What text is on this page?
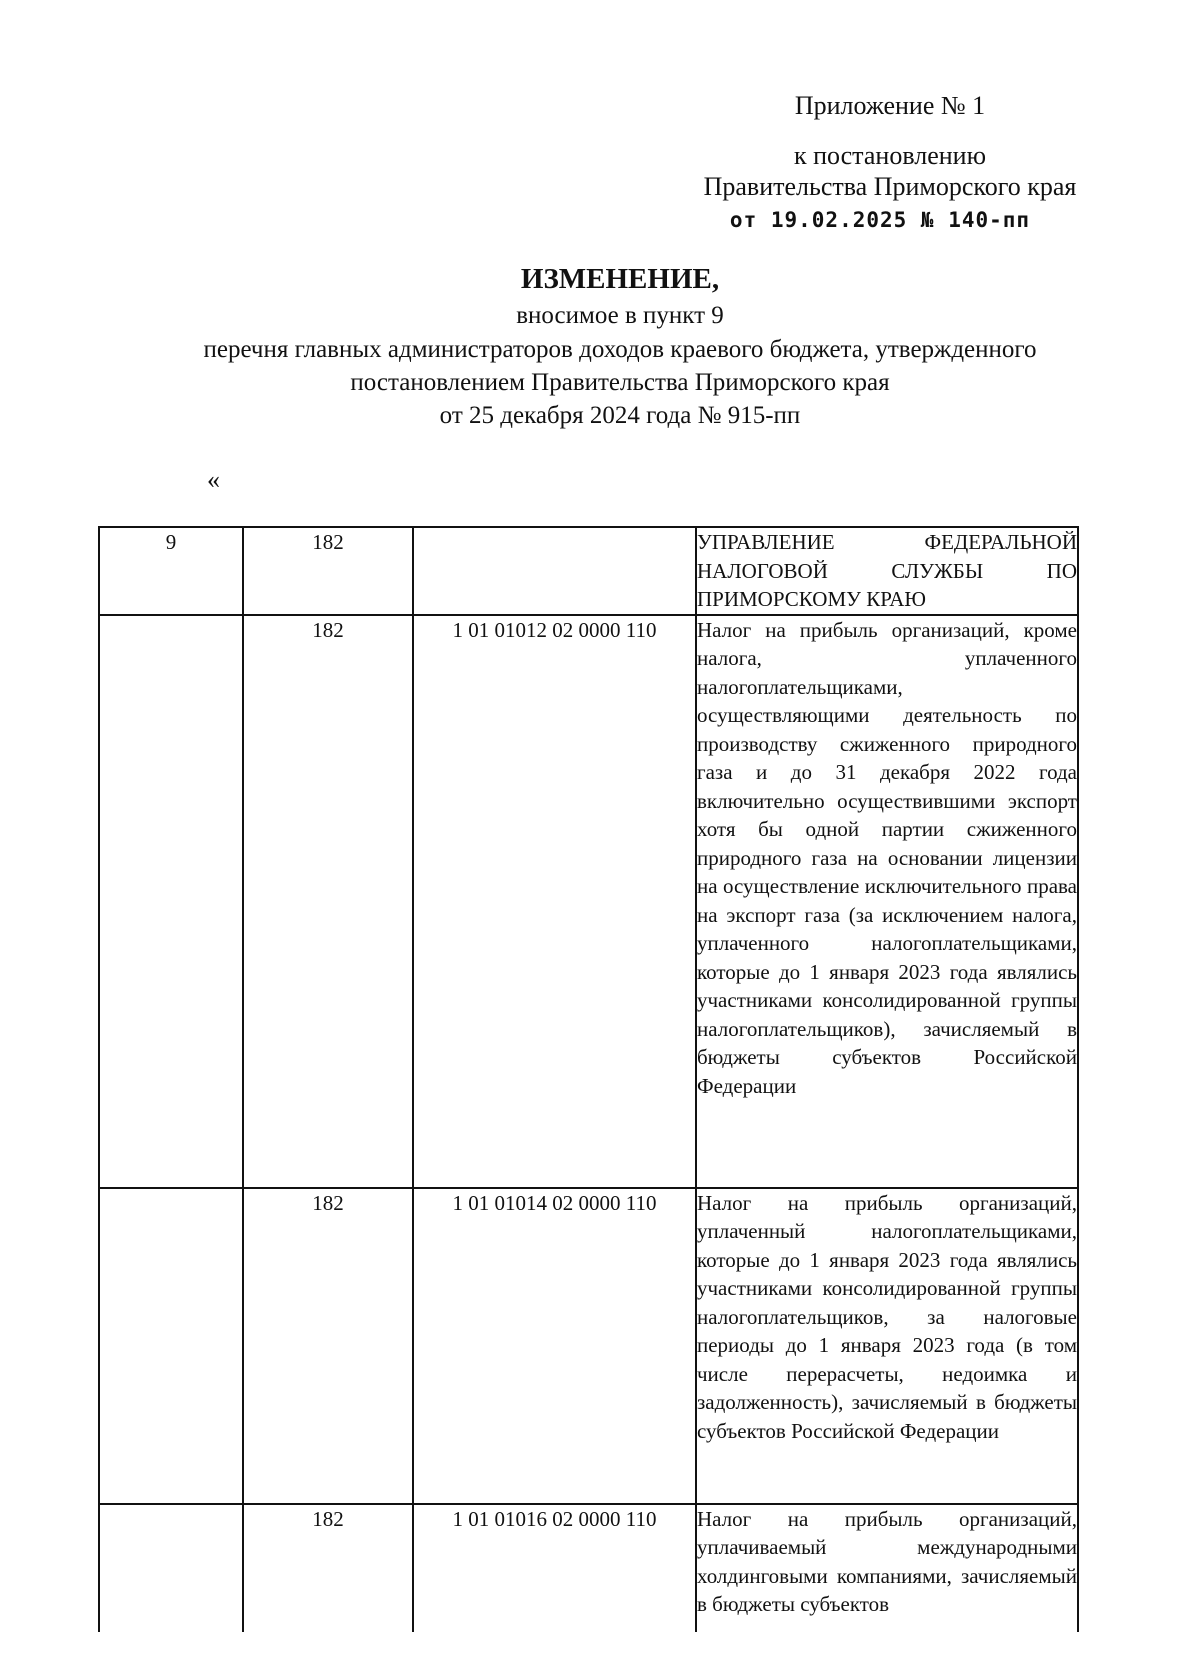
Приложение № 1
к постановлению
Правительства Приморского края
от 19.02.2025 № 140-пп
ИЗМЕНЕНИЕ,
вносимое в пункт 9
перечня главных администраторов доходов краевого бюджета, утвержденного
постановлением Правительства Приморского края
от 25 декабря 2024 года № 915-пп
«
9	182		УПРАВЛЕНИЕ ФЕДЕРАЛЬНОЙ НАЛОГОВОЙ СЛУЖБЫ ПО ПРИМОРСКОМУ КРАЮ
	182	1 01 01012 02 0000 110	Налог на прибыль организаций, кроме налога, уплаченного налогоплательщиками, осуществляющими деятельность по производству сжиженного природного газа и до 31 декабря 2022 года включительно осуществившими экспорт хотя бы одной партии сжиженного природного газа на основании лицензии на осуществление исключительного права на экспорт газа (за исключением налога, уплаченного налогоплательщиками, которые до 1 января 2023 года являлись участниками консолидированной группы налогоплательщиков), зачисляемый в бюджеты субъектов Российской Федерации
	182	1 01 01014 02 0000 110	Налог на прибыль организаций, уплаченный налогоплательщиками, которые до 1 января 2023 года являлись участниками консолидированной группы налогоплательщиков, за налоговые периоды до 1 января 2023 года (в том числе перерасчеты, недоимка и задолженность), зачисляемый в бюджеты субъектов Российской Федерации
	182	1 01 01016 02 0000 110	Налог на прибыль организаций, уплачиваемый международными холдинговыми компаниями, зачисляемый в бюджеты субъектов
